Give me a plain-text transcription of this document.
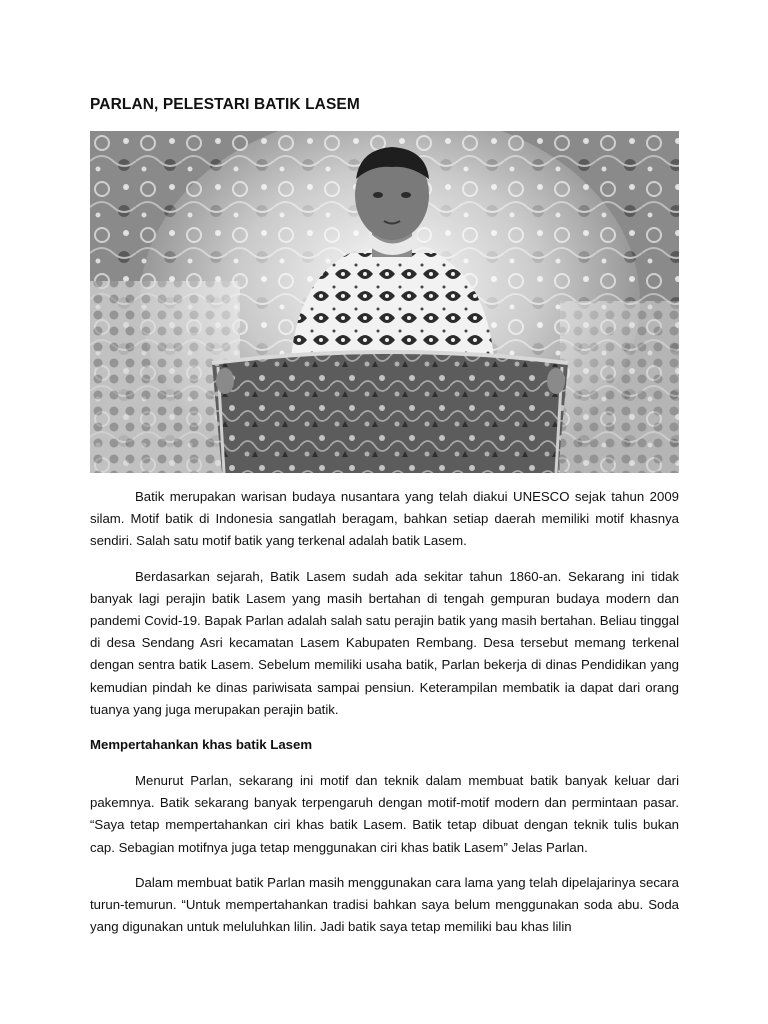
PARLAN, PELESTARI BATIK LASEM

Batik merupakan warisan budaya nusantara yang telah diakui UNESCO sejak tahun 2009 silam. Motif batik di Indonesia sangatlah beragam, bahkan setiap daerah memiliki motif khasnya sendiri. Salah satu motif batik yang terkenal adalah batik Lasem.

Berdasarkan sejarah, Batik Lasem sudah ada sekitar tahun 1860-an. Sekarang ini tidak banyak lagi perajin batik Lasem yang masih bertahan di tengah gempuran budaya modern dan pandemi Covid-19. Bapak Parlan adalah salah satu perajin batik yang masih bertahan. Beliau tinggal di desa Sendang Asri kecamatan Lasem Kabupaten Rembang. Desa tersebut memang terkenal dengan sentra batik Lasem. Sebelum memiliki usaha batik, Parlan bekerja di dinas Pendidikan yang kemudian pindah ke dinas pariwisata sampai pensiun. Keterampilan membatik ia dapat dari orang tuanya yang juga merupakan perajin batik.

Mempertahankan khas batik Lasem

Menurut Parlan, sekarang ini motif dan teknik dalam membuat batik banyak keluar dari pakemnya. Batik sekarang banyak terpengaruh dengan motif-motif modern dan permintaan pasar. “Saya tetap mempertahankan ciri khas batik Lasem. Batik tetap dibuat dengan teknik tulis bukan cap. Sebagian motifnya juga tetap menggunakan ciri khas batik Lasem” Jelas Parlan.

Dalam membuat batik Parlan masih menggunakan cara lama yang telah dipelajarinya secara turun-temurun. “Untuk mempertahankan tradisi bahkan saya belum menggunakan soda abu. Soda yang digunakan untuk meluluhkan lilin. Jadi batik saya tetap memiliki bau khas lilin
